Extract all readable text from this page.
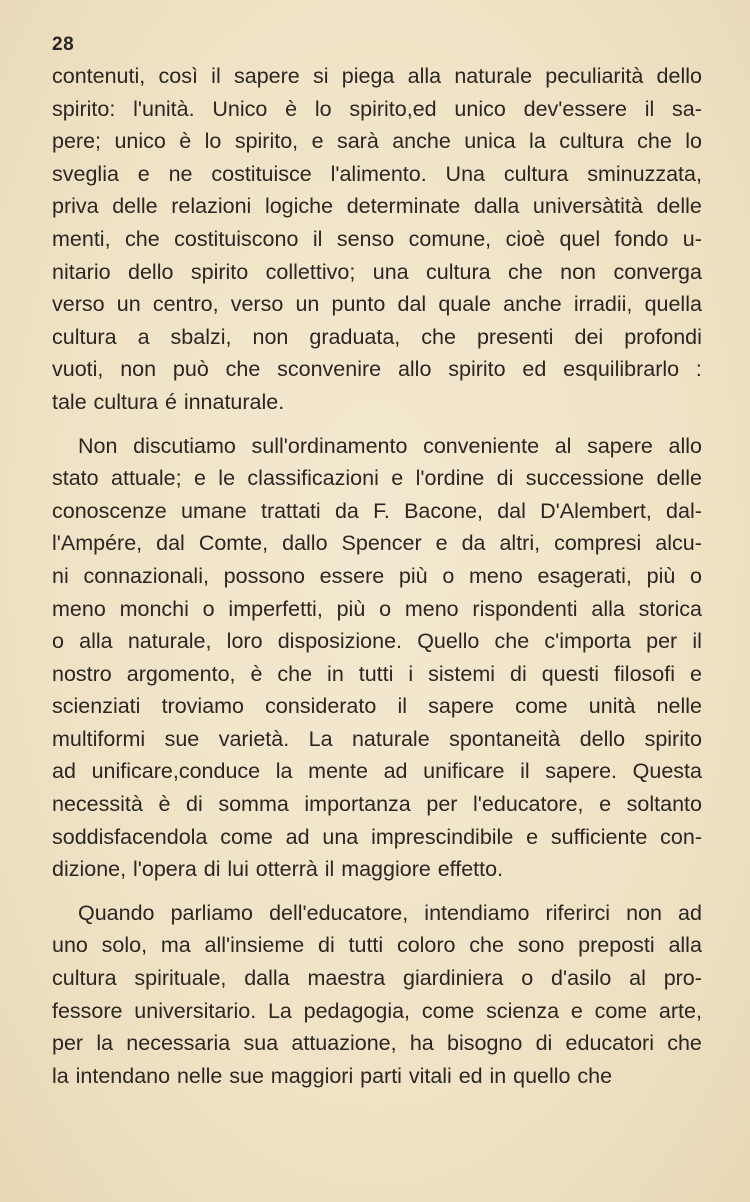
28
contenuti, così il sapere si piega alla naturale peculiarità dello
spirito: l'unità. Unico è lo spirito,ed unico dev'essere il sa-
pere; unico è lo spirito, e sarà anche unica la cultura che lo
sveglia e ne costituisce l'alimento. Una cultura sminuzzata,
priva delle relazioni logiche determinate dalla universàtità delle
menti, che costituiscono il senso comune, cioè quel fondo u-
nitario dello spirito collettivo; una cultura che non converga
verso un centro, verso un punto dal quale anche irradii, quella
cultura a sbalzi, non graduata, che presenti dei profondi
vuoti, non può che sconvenire allo spirito ed esquilibrarlo :
tale cultura é innaturale.
Non discutiamo sull'ordinamento conveniente al sapere allo
stato attuale; e le classificazioni e l'ordine di successione delle
conoscenze umane trattati da F. Bacone, dal D'Alembert, dal-
l'Ampére, dal Comte, dallo Spencer e da altri, compresi alcu-
ni connazionali, possono essere più o meno esagerati, più o
meno monchi o imperfetti, più o meno rispondenti alla storica
o alla naturale, loro disposizione. Quello che c'importa per il
nostro argomento, è che in tutti i sistemi di questi filosofi e
scienziati troviamo considerato il sapere come unità nelle
multiformi sue varietà. La naturale spontaneità dello spirito
ad unificare,conduce la mente ad unificare il sapere. Questa
necessità è di somma importanza per l'educatore, e soltanto
soddisfacendola come ad una imprescindibile e sufficiente con-
dizione, l'opera di lui otterrà il maggiore effetto.
Quando parliamo dell'educatore, intendiamo riferirci non ad
uno solo, ma all'insieme di tutti coloro che sono preposti alla
cultura spirituale, dalla maestra giardiniera o d'asilo al pro-
fessore universitario. La pedagogia, come scienza e come arte,
per la necessaria sua attuazione, ha bisogno di educatori che
la intendano nelle sue maggiori parti vitali ed in quello che
